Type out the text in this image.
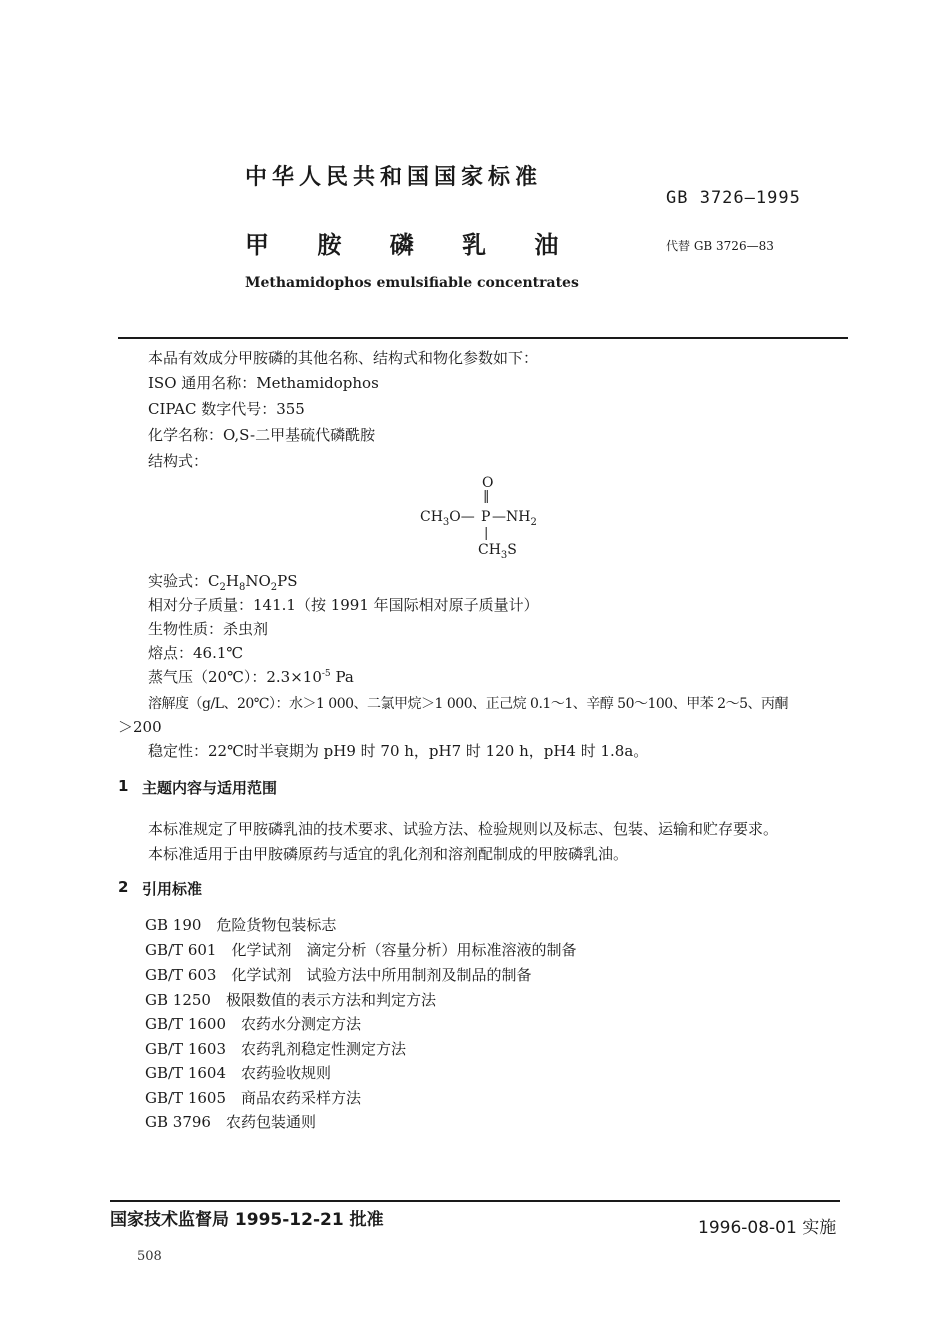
中华人民共和国国家标准
GB 3726—1995
甲 胺 磷 乳 油	代替 GB 3726—83
Methamidophos emulsifiable concentrates
本品有效成分甲胺磷的其他名称、结构式和物化参数如下：
ISO 通用名称：Methamidophos
CIPAC 数字代号：355
化学名称：O,S-二甲基硫代磷酰胺
结构式：
O
‖
$CH_3O—$ P $—NH_2$
|
$CH_3S$
实验式：$C_2H_8NO_2PS$
相对分子质量：141.1（按 1991 年国际相对原子质量计）
生物性质：杀虫剂
熔点：46.1℃
蒸气压（20℃）：$2.3\times 10^{-5}$ Pa
溶解度（g/L、20℃）：水＞1 000、二氯甲烷＞1 000、正己烷 0.1～1、辛醇 50～100、甲苯 2～5、丙酮
＞200
稳定性：22℃时半衰期为 pH9 时 70 h，pH7 时 120 h，pH4 时 1.8a。
1 主题内容与适用范围
本标准规定了甲胺磷乳油的技术要求、试验方法、检验规则以及标志、包装、运输和贮存要求。
本标准适用于由甲胺磷原药与适宜的乳化剂和溶剂配制成的甲胺磷乳油。
2 引用标准
GB 190　 危险货物包装标志
GB/T 601　 化学试剂　滴定分析（容量分析）用标准溶液的制备
GB/T 603　 化学试剂　试验方法中所用制剂及制品的制备
GB 1250　 极限数值的表示方法和判定方法
GB/T 1600　 农药水分测定方法
GB/T 1603　 农药乳剂稳定性测定方法
GB/T 1604　 农药验收规则
GB/T 1605　 商品农药采样方法
GB 3796　 农药包装通则
国家技术监督局 1995-12-21 批准	1996-08-01 实施
508
